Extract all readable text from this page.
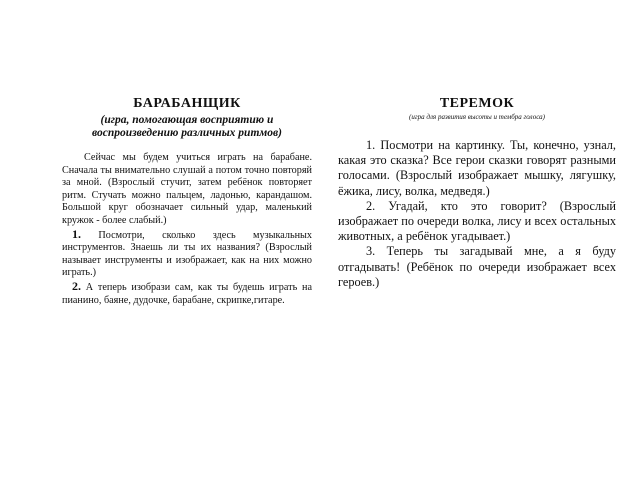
БАРАБАНЩИК

(игра, помогающая восприятию и воспроизведению различных ритмов)

Сейчас мы будем учиться играть на барабане. Сначала ты внимательно слушай а потом точно повторяй за мной. (Взрослый стучит, затем ребёнок повторяет ритм. Стучать можно пальцем, ладонью, карандашом. Большой круг обозначает сильный удар, маленький кружок - более слабый.)

1. Посмотри, сколько здесь музыкальных инструментов. Знаешь ли ты их названия? (Взрослый называет инструменты и изображает, как на них можно играть.)

2. А теперь изобрази сам, как ты будешь играть на пианино, баяне, дудочке, барабане, скрипке,гитаре.

ТЕРЕМОК

(игра для развития высоты и тембра голоса)

1. Посмотри на картинку. Ты, конечно, узнал, какая это сказка? Все герои сказки говорят разными голосами. (Взрослый изображает мышку, лягушку, ёжика, лису, волка, медведя.)

2. Угадай, кто это говорит? (Взрослый изображает по очереди волка, лису и всех остальных животных, а ребёнок угадывает.)

3. Теперь ты загадывай мне, а я буду отгадывать! (Ребёнок по очереди изображает всех героев.)
